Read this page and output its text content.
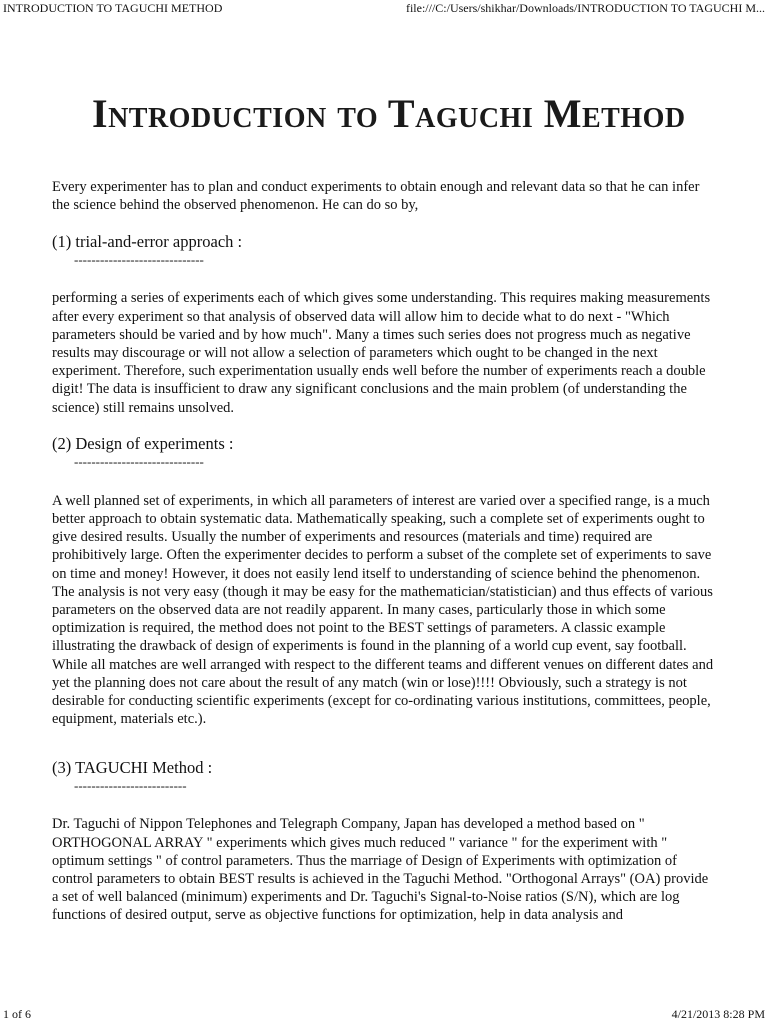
INTRODUCTION TO TAGUCHI METHOD	file:///C:/Users/shikhar/Downloads/INTRODUCTION TO TAGUCHI M...
Introduction to Taguchi Method

Every experimenter has to plan and conduct experiments to obtain enough and relevant data so that he can infer the science behind the observed phenomenon. He can do so by,

(1) trial-and-error approach :
------------------------------

performing a series of experiments each of which gives some understanding. This requires making measurements after every experiment so that analysis of observed data will allow him to decide what to do next - "Which parameters should be varied and by how much". Many a times such series does not progress much as negative results may discourage or will not allow a selection of parameters which ought to be changed in the next experiment. Therefore, such experimentation usually ends well before the number of experiments reach a double digit! The data is insufficient to draw any significant conclusions and the main problem (of understanding the science) still remains unsolved.

(2) Design of experiments :
------------------------------

A well planned set of experiments, in which all parameters of interest are varied over a specified range, is a much better approach to obtain systematic data. Mathematically speaking, such a complete set of experiments ought to give desired results. Usually the number of experiments and resources (materials and time) required are prohibitively large. Often the experimenter decides to perform a subset of the complete set of experiments to save on time and money! However, it does not easily lend itself to understanding of science behind the phenomenon. The analysis is not very easy (though it may be easy for the mathematician/statistician) and thus effects of various parameters on the observed data are not readily apparent. In many cases, particularly those in which some optimization is required, the method does not point to the BEST settings of parameters. A classic example illustrating the drawback of design of experiments is found in the planning of a world cup event, say football. While all matches are well arranged with respect to the different teams and different venues on different dates and yet the planning does not care about the result of any match (win or lose)!!!! Obviously, such a strategy is not desirable for conducting scientific experiments (except for co-ordinating various institutions, committees, people, equipment, materials etc.).

(3) TAGUCHI Method :
--------------------------

Dr. Taguchi of Nippon Telephones and Telegraph Company, Japan has developed a method based on " ORTHOGONAL ARRAY " experiments which gives much reduced " variance " for the experiment with " optimum settings " of control parameters. Thus the marriage of Design of Experiments with optimization of control parameters to obtain BEST results is achieved in the Taguchi Method. "Orthogonal Arrays" (OA) provide a set of well balanced (minimum) experiments and Dr. Taguchi's Signal-to-Noise ratios (S/N), which are log functions of desired output, serve as objective functions for optimization, help in data analysis and

1 of 6	4/21/2013 8:28 PM
